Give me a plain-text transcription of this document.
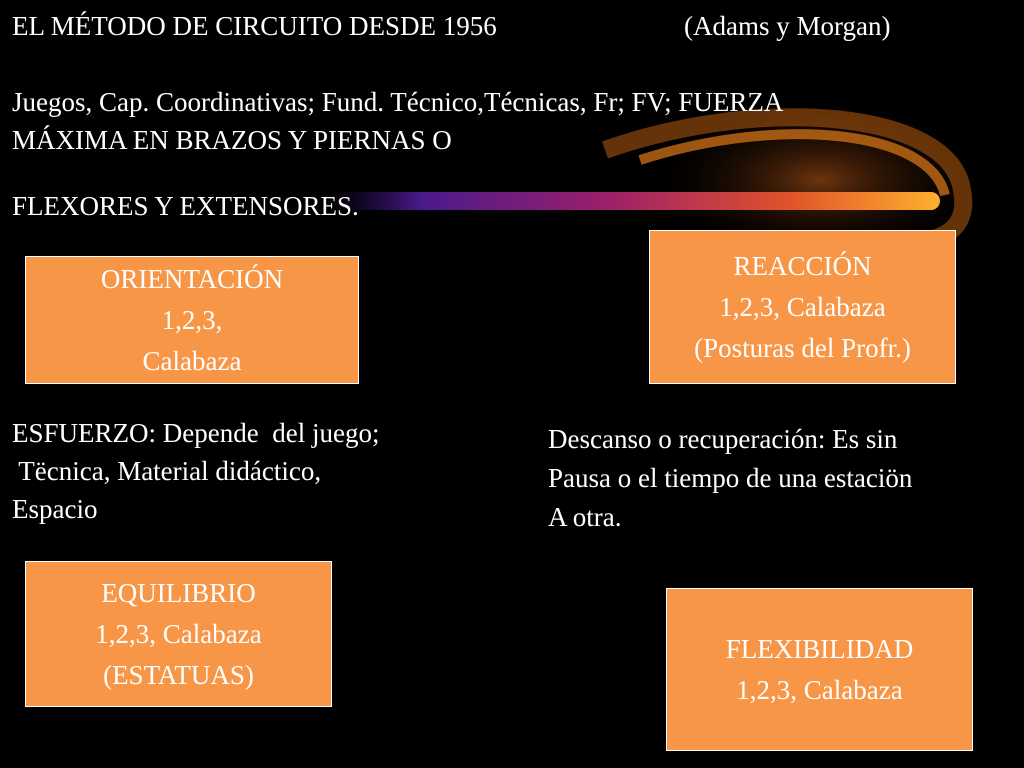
EL MÉTODO DE CIRCUITO DESDE 1956	(Adams y Morgan)
Juegos, Cap. Coordinativas; Fund. Técnico,Técnicas, Fr; FV; FUERZA
MÁXIMA EN BRAZOS Y PIERNAS O
FLEXORES Y EXTENSORES.
ORIENTACIÓN
1,2,3,
Calabaza
REACCIÓN
1,2,3, Calabaza
(Posturas del Profr.)
ESFUERZO: Depende  del juego;
Tëcnica, Material didáctico,
Espacio
Descanso o recuperación: Es sin
Pausa o el tiempo de una estaciön
A otra.
EQUILIBRIO
1,2,3, Calabaza
(ESTATUAS)
FLEXIBILIDAD
1,2,3, Calabaza
